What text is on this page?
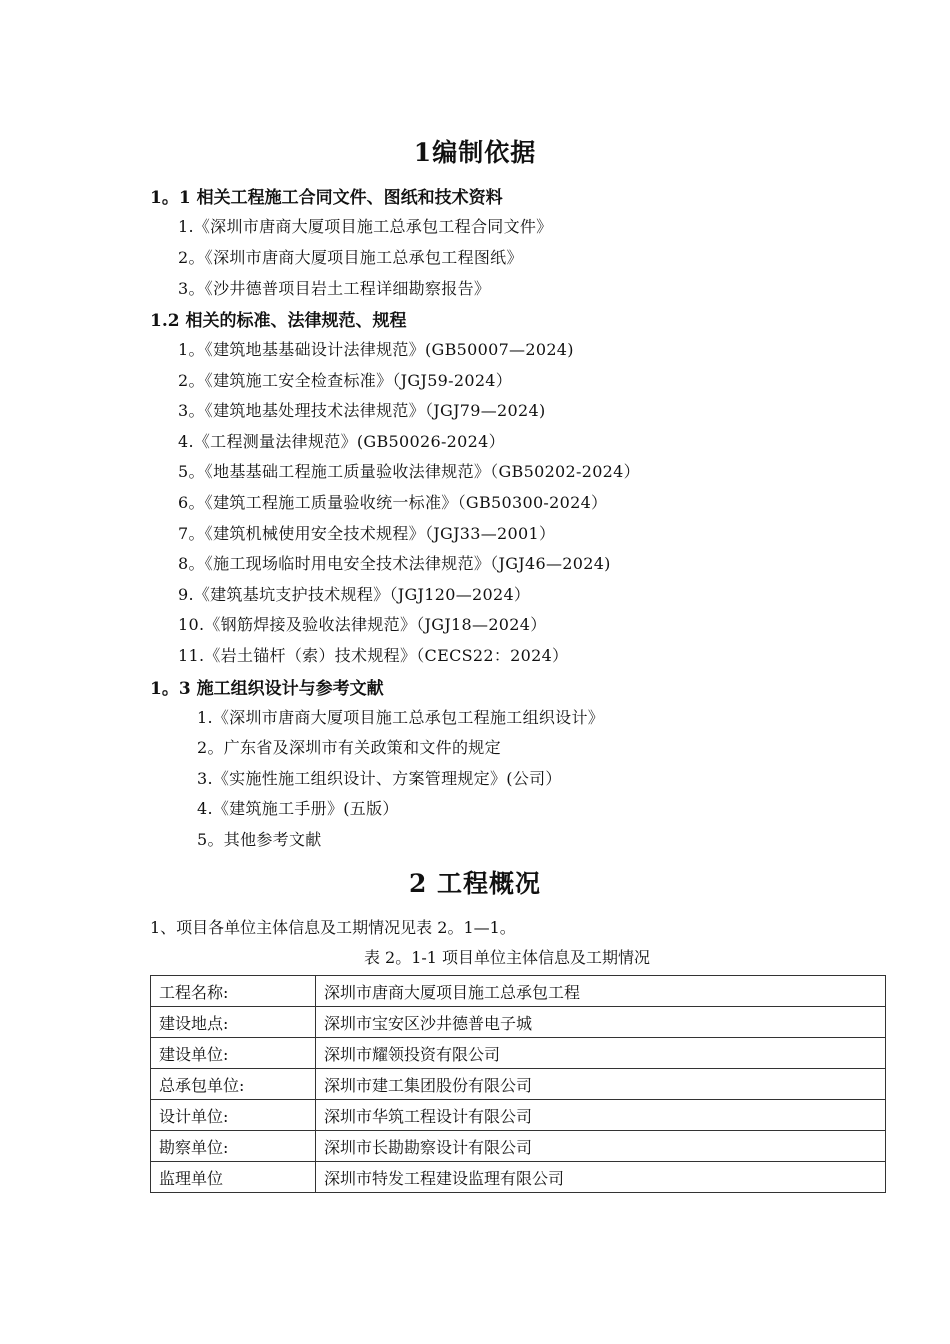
1编制依据
1。1 相关工程施工合同文件、图纸和技术资料
1.《深圳市唐商大厦项目施工总承包工程合同文件》
2。《深圳市唐商大厦项目施工总承包工程图纸》
3。《沙井德普项目岩土工程详细勘察报告》
1.2 相关的标准、法律规范、规程
1。《建筑地基基础设计法律规范》(GB50007—2024)
2。《建筑施工安全检查标准》（JGJ59-2024）
3。《建筑地基处理技术法律规范》（JGJ79—2024)
4.《工程测量法律规范》(GB50026-2024）
5。《地基基础工程施工质量验收法律规范》（GB50202-2024）
6。《建筑工程施工质量验收统一标准》（GB50300-2024）
7。《建筑机械使用安全技术规程》（JGJ33—2001）
8。《施工现场临时用电安全技术法律规范》（JGJ46—2024)
9.《建筑基坑支护技术规程》（JGJ120—2024）
10.《钢筋焊接及验收法律规范》（JGJ18—2024）
11.《岩土锚杆（索）技术规程》（CECS22：2024）
1。3 施工组织设计与参考文献
1.《深圳市唐商大厦项目施工总承包工程施工组织设计》
2。广东省及深圳市有关政策和文件的规定
3.《实施性施工组织设计、方案管理规定》(公司）
4.《建筑施工手册》(五版）
5。其他参考文献
2 工程概况
1、项目各单位主体信息及工期情况见表 2。1—1。
表 2。1-1 项目单位主体信息及工期情况
工程名称:	深圳市唐商大厦项目施工总承包工程
建设地点:	深圳市宝安区沙井德普电子城
建设单位:	深圳市耀领投资有限公司
总承包单位:	深圳市建工集团股份有限公司
设计单位:	深圳市华筑工程设计有限公司
勘察单位:	深圳市长勘勘察设计有限公司
监理单位	深圳市特发工程建设监理有限公司
